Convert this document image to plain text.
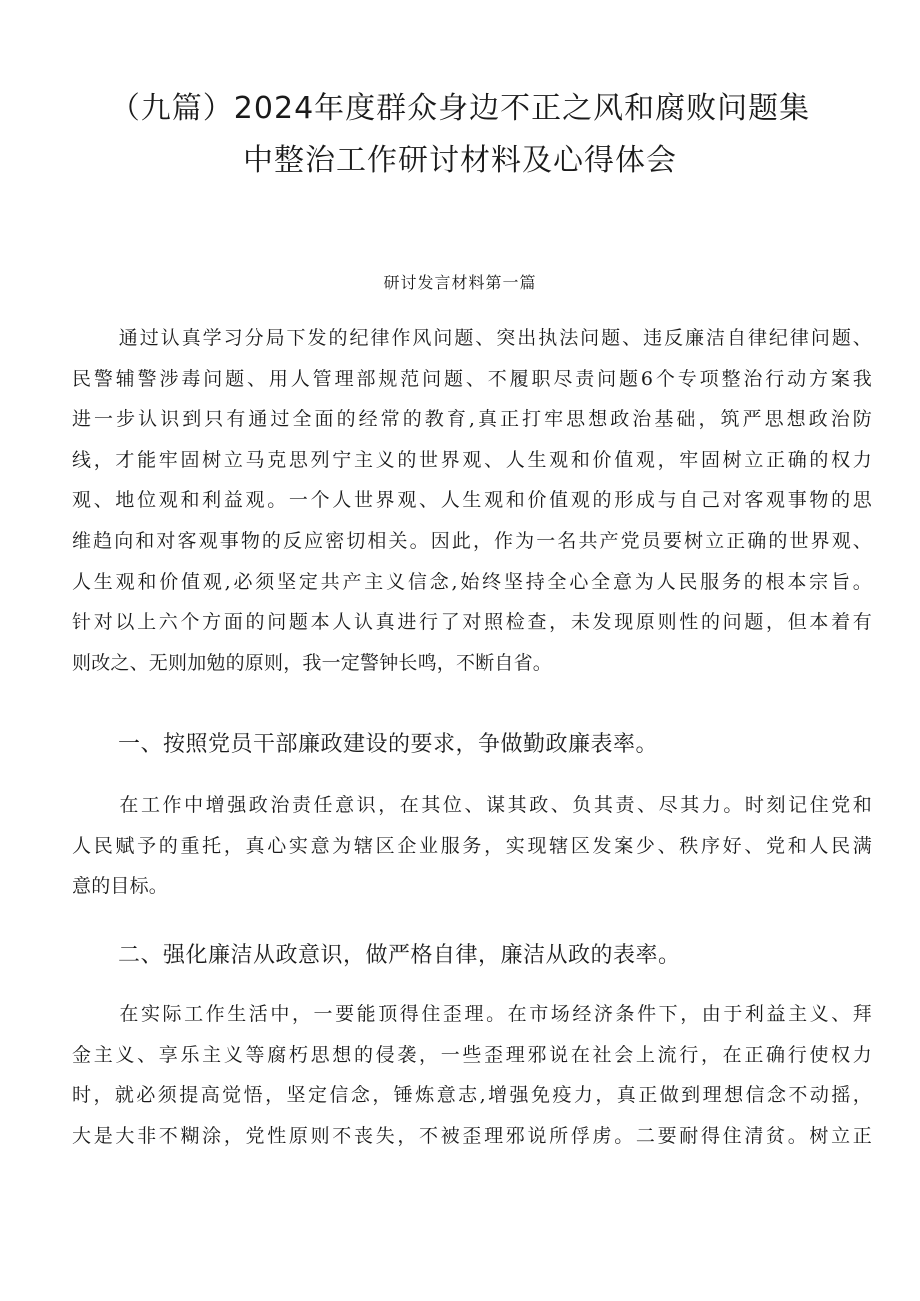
（九篇）2024年度群众身边不正之风和腐败问题集
中整治工作研讨材料及心得体会

研讨发言材料第一篇

通过认真学习分局下发的纪律作风问题、突出执法问题、违反廉洁自律纪律问题、
民警辅警涉毒问题、用人管理部规范问题、不履职尽责问题6个专项整治行动方案我
进一步认识到只有通过全面的经常的教育,真正打牢思想政治基础，筑严思想政治防
线，才能牢固树立马克思列宁主义的世界观、人生观和价值观，牢固树立正确的权力
观、地位观和利益观。一个人世界观、人生观和价值观的形成与自己对客观事物的思
维趋向和对客观事物的反应密切相关。因此，作为一名共产党员要树立正确的世界观、
人生观和价值观,必须坚定共产主义信念,始终坚持全心全意为人民服务的根本宗旨。
针对以上六个方面的问题本人认真进行了对照检查，未发现原则性的问题，但本着有
则改之、无则加勉的原则，我一定警钟长鸣，不断自省。
一、按照党员干部廉政建设的要求，争做勤政廉表率。
在工作中增强政治责任意识，在其位、谋其政、负其责、尽其力。时刻记住党和
人民赋予的重托，真心实意为辖区企业服务，实现辖区发案少、秩序好、党和人民满
意的目标。
二、强化廉洁从政意识，做严格自律，廉洁从政的表率。
在实际工作生活中，一要能顶得住歪理。在市场经济条件下，由于利益主义、拜
金主义、享乐主义等腐朽思想的侵袭，一些歪理邪说在社会上流行，在正确行使权力
时，就必须提高觉悟，坚定信念，锤炼意志,增强免疫力，真正做到理想信念不动摇，
大是大非不糊涂，党性原则不丧失，不被歪理邪说所俘虏。二要耐得住清贫。树立正
